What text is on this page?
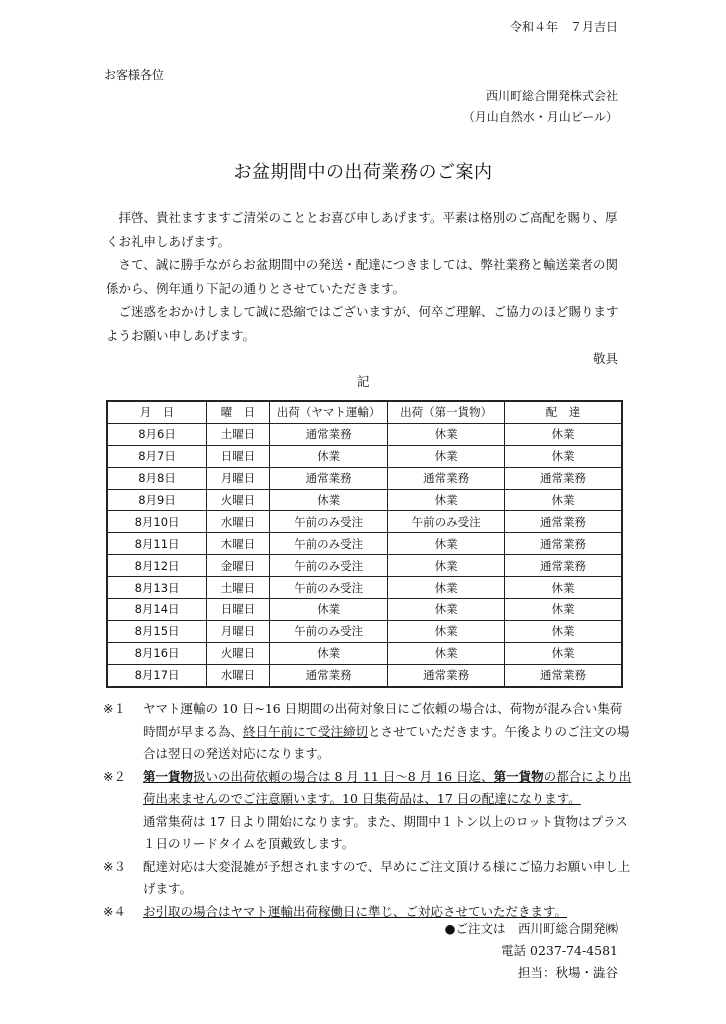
令和４年　７月吉日
お客様各位
西川町総合開発株式会社
（月山自然水・月山ビール）
お盆期間中の出荷業務のご案内

拝啓、貴社ますますご清栄のこととお喜び申しあげます。平素は格別のご高配を賜り、厚くお礼申しあげます。

さて、誠に勝手ながらお盆期間中の発送・配達につきましては、弊社業務と輸送業者の関係から、例年通り下記の通りとさせていただきます。

ご迷惑をおかけしまして誠に恐縮ではございますが、何卒ご理解、ご協力のほど賜りますようお願い申しあげます。

敬具
記
月　日	曜　日	出荷（ヤマト運輸）	出荷（第一貨物）	配　達
8月6日	土曜日	通常業務	休業	休業
8月7日	日曜日	休業	休業	休業
8月8日	月曜日	通常業務	通常業務	通常業務
8月9日	火曜日	休業	休業	休業
8月10日	水曜日	午前のみ受注	午前のみ受注	通常業務
8月11日	木曜日	午前のみ受注	休業	通常業務
8月12日	金曜日	午前のみ受注	休業	通常業務
8月13日	土曜日	午前のみ受注	休業	休業
8月14日	日曜日	休業	休業	休業
8月15日	月曜日	午前のみ受注	休業	休業
8月16日	火曜日	休業	休業	休業
8月17日	水曜日	通常業務	通常業務	通常業務
※１	ヤマト運輸の 10 日~16 日期間の出荷対象日にご依頼の場合は、荷物が混み合い集荷時間が早まる為、終日午前にて受注締切とさせていただきます。午後よりのご注文の場合は翌日の発送対応になります。
※２	第一貨物扱いの出荷依頼の場合は 8 月 11 日～8 月 16 日迄、第一貨物の都合により出荷出来ませんのでご注意願います。10 日集荷品は、17 日の配達になります。
通常集荷は 17 日より開始になります。また、期間中１トン以上のロット貨物はプラス１日のリードタイムを頂戴致します。
※３	配達対応は大変混雑が予想されますので、早めにご注文頂ける様にご協力お願い申し上げます。
※４	お引取の場合はヤマト運輸出荷稼働日に準じ、ご対応させていただきます。
●ご注文は　西川町総合開発㈱
電話 0237-74-4581
担当：秋場・澁谷
